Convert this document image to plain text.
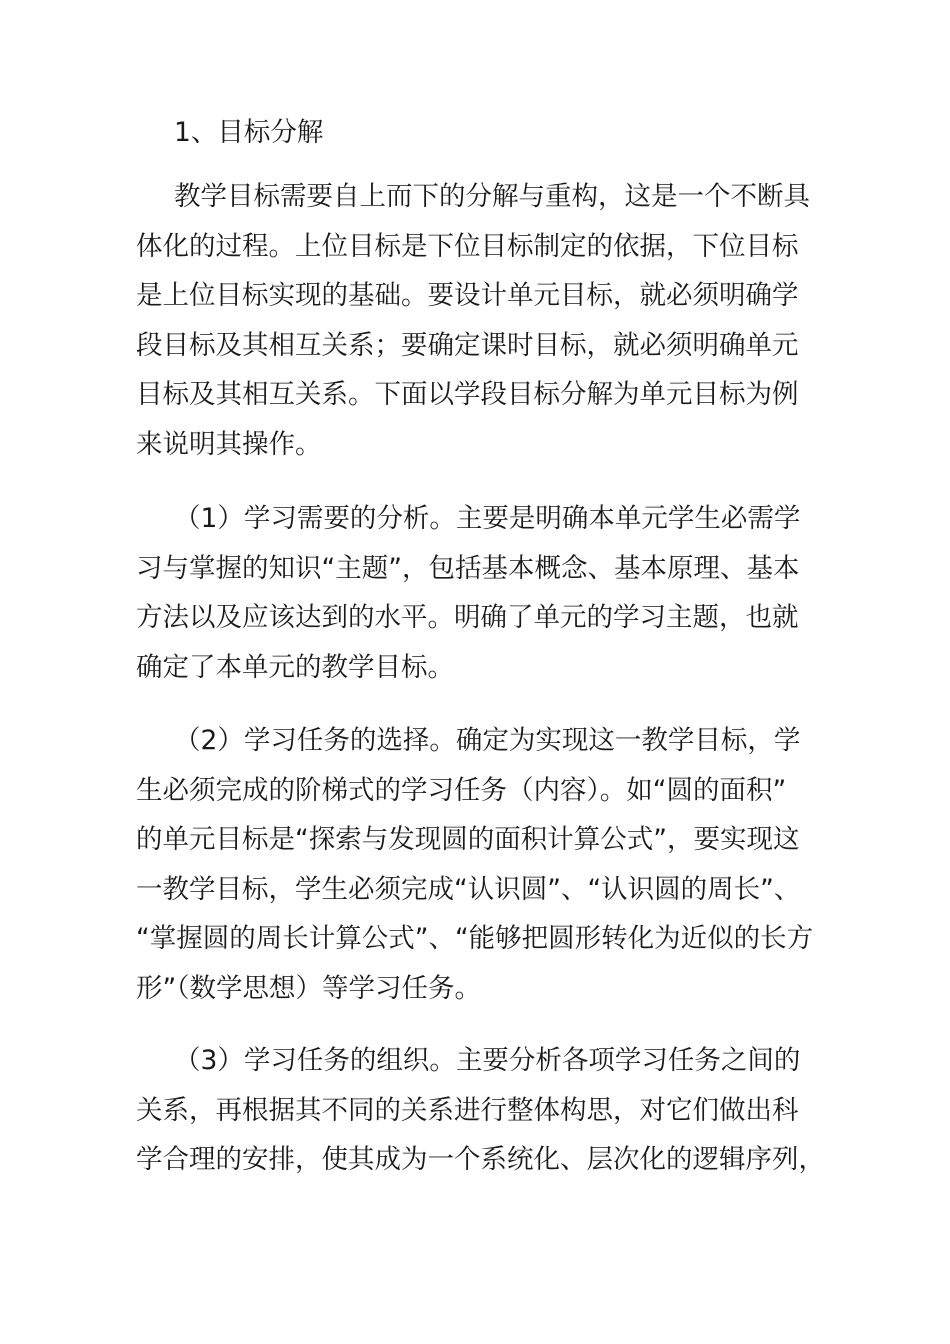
1、目标分解

教学目标需要自上而下的分解与重构，这是一个不断具
体化的过程。上位目标是下位目标制定的依据，下位目标
是上位目标实现的基础。要设计单元目标，就必须明确学
段目标及其相互关系；要确定课时目标，就必须明确单元
目标及其相互关系。下面以学段目标分解为单元目标为例
来说明其操作。

（1）学习需要的分析。主要是明确本单元学生必需学
习与掌握的知识“主题”，包括基本概念、基本原理、基本
方法以及应该达到的水平。明确了单元的学习主题，也就
确定了本单元的教学目标。

（2）学习任务的选择。确定为实现这一教学目标，学
生必须完成的阶梯式的学习任务（内容）。如“圆的面积”
的单元目标是“探索与发现圆的面积计算公式”，要实现这
一教学目标，学生必须完成“认识圆”、“认识圆的周长”、
“掌握圆的周长计算公式”、“能够把圆形转化为近似的长方
形”（数学思想）等学习任务。

（3）学习任务的组织。主要分析各项学习任务之间的
关系，再根据其不同的关系进行整体构思，对它们做出科
学合理的安排，使其成为一个系统化、层次化的逻辑序列，
